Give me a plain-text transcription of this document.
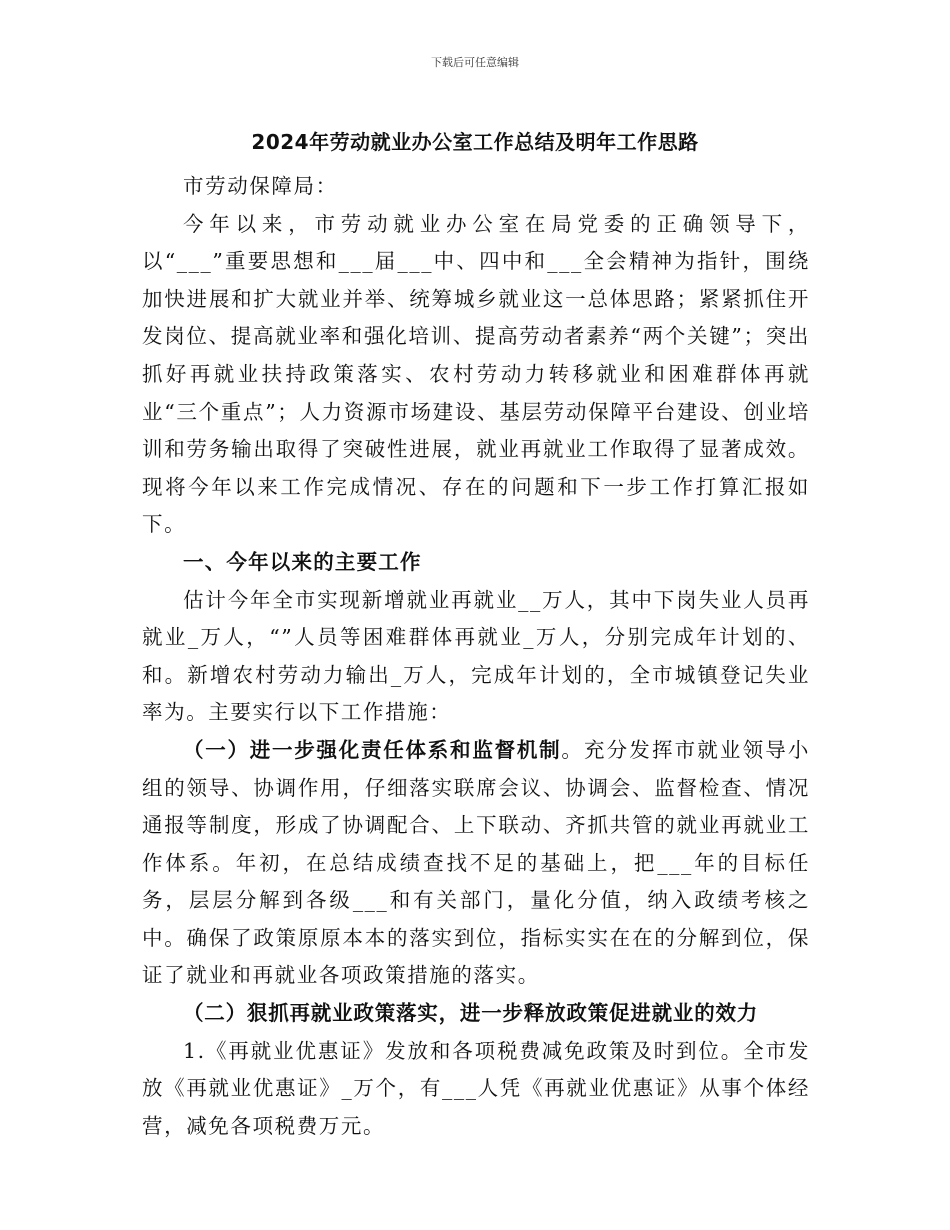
下载后可任意编辑
2024年劳动就业办公室工作总结及明年工作思路

市劳动保障局：

今年以来，市劳动就业办公室在局党委的正确领导下，以“___”重要思想和___届___中、四中和___全会精神为指针，围绕加快进展和扩大就业并举、统筹城乡就业这一总体思路；紧紧抓住开发岗位、提高就业率和强化培训、提高劳动者素养“两个关键”；突出抓好再就业扶持政策落实、农村劳动力转移就业和困难群体再就业“三个重点”；人力资源市场建设、基层劳动保障平台建设、创业培训和劳务输出取得了突破性进展，就业再就业工作取得了显著成效。现将今年以来工作完成情况、存在的问题和下一步工作打算汇报如下。

一、今年以来的主要工作

估计今年全市实现新增就业再就业__万人，其中下岗失业人员再就业_万人，“”人员等困难群体再就业_万人，分别完成年计划的、和。新增农村劳动力输出_万人，完成年计划的，全市城镇登记失业率为。主要实行以下工作措施：

（一）进一步强化责任体系和监督机制。充分发挥市就业领导小组的领导、协调作用，仔细落实联席会议、协调会、监督检查、情况通报等制度，形成了协调配合、上下联动、齐抓共管的就业再就业工作体系。年初，在总结成绩查找不足的基础上，把___年的目标任务，层层分解到各级___和有关部门，量化分值，纳入政绩考核之中。确保了政策原原本本的落实到位，指标实实在在的分解到位，保证了就业和再就业各项政策措施的落实。

（二）狠抓再就业政策落实，进一步释放政策促进就业的效力

1.《再就业优惠证》发放和各项税费减免政策及时到位。全市发放《再就业优惠证》_万个，有___人凭《再就业优惠证》从事个体经营，减免各项税费万元。
